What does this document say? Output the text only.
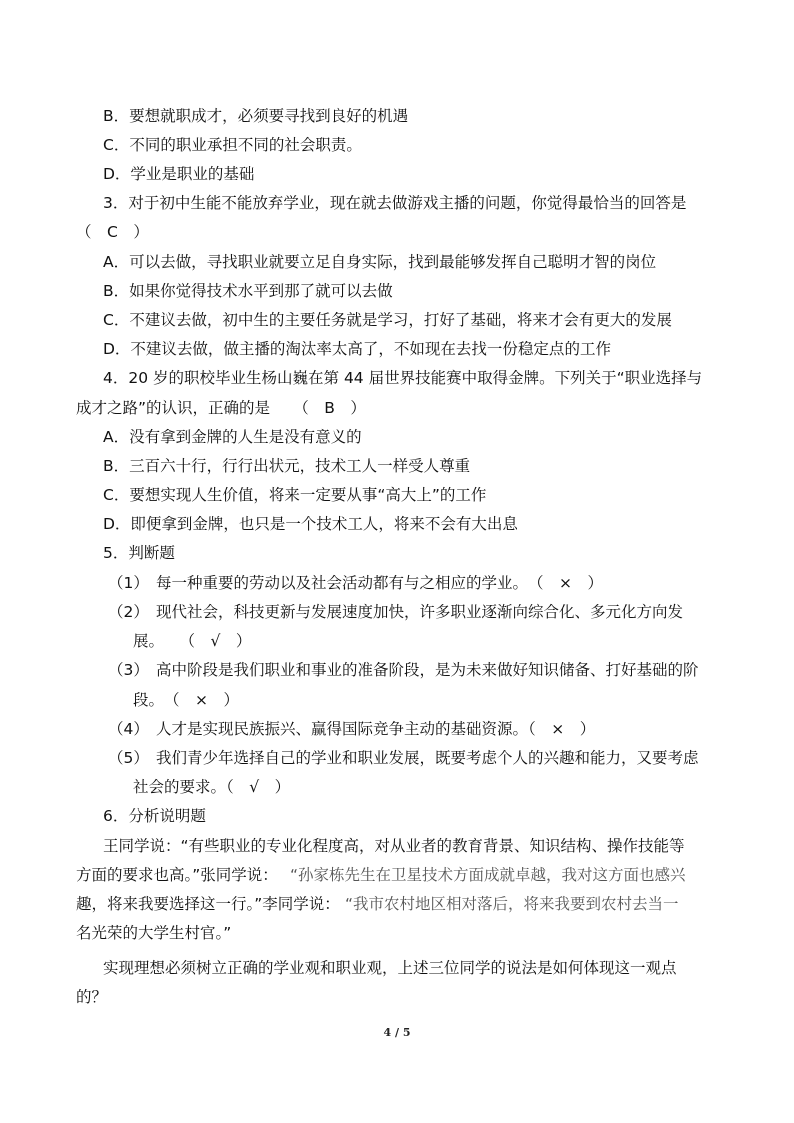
B．要想就职成才，必须要寻找到良好的机遇
C．不同的职业承担不同的社会职责。
D．学业是职业的基础
3．对于初中生能不能放弃学业，现在就去做游戏主播的问题，你觉得最恰当的回答是
（　C　）
A．可以去做，寻找职业就要立足自身实际，找到最能够发挥自己聪明才智的岗位
B．如果你觉得技术水平到那了就可以去做
C．不建议去做，初中生的主要任务就是学习，打好了基础，将来才会有更大的发展
D．不建议去做，做主播的淘汰率太高了，不如现在去找一份稳定点的工作
4．20 岁的职校毕业生杨山巍在第 44 届世界技能赛中取得金牌。下列关于“职业选择与
成才之路”的认识，正确的是　　（　B　）
A．没有拿到金牌的人生是没有意义的
B．三百六十行，行行出状元，技术工人一样受人尊重
C．要想实现人生价值，将来一定要从事“高大上”的工作
D．即便拿到金牌，也只是一个技术工人，将来不会有大出息
5．判断题
（1） 每一种重要的劳动以及社会活动都有与之相应的学业。　（　×　）
（2） 现代社会，科技更新与发展速度加快，许多职业逐渐向综合化、多元化方向发
展。　　（　√　）
（3） 高中阶段是我们职业和事业的准备阶段，是为未来做好知识储备、打好基础的阶
段。　（　×　）
（4） 人才是实现民族振兴、赢得国际竞争主动的基础资源。（　×　）
（5） 我们青少年选择自己的学业和职业发展，既要考虑个人的兴趣和能力，又要考虑
社会的要求。（　√　）
6．分析说明题
王同学说：“有些职业的专业化程度高，对从业者的教育背景、知识结构、操作技能等
方面的要求也高。”张同学说： “孙家栋先生在卫星技术方面成就卓越，我对这方面也感兴
趣，将来我要选择这一行。”李同学说： “我市农村地区相对落后，将来我要到农村去当一
名光荣的大学生村官。”
实现理想必须树立正确的学业观和职业观，上述三位同学的说法是如何体现这一观点
的？
4 / 5
